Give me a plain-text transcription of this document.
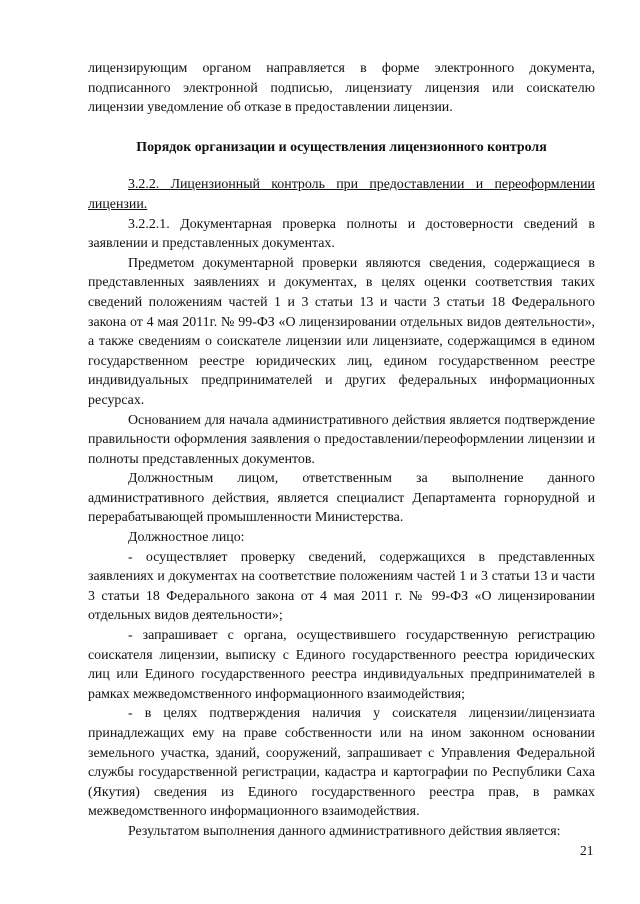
лицензирующим органом направляется в форме электронного документа, подписанного электронной подписью, лицензиату лицензия или соискателю лицензии уведомление об отказе в предоставлении лицензии.

Порядок организации и осуществления лицензионного контроля

3.2.2. Лицензионный контроль при предоставлении и переоформлении лицензии.

3.2.2.1. Документарная проверка полноты и достоверности сведений в заявлении и представленных документах.

Предметом документарной проверки являются сведения, содержащиеся в представленных заявлениях и документах, в целях оценки соответствия таких сведений положениям частей 1 и 3 статьи 13 и части 3 статьи 18 Федерального закона от 4 мая 2011г. № 99-ФЗ «О лицензировании отдельных видов деятельности», а также сведениям о соискателе лицензии или лицензиате, содержащимся в едином государственном реестре юридических лиц, едином государственном реестре индивидуальных предпринимателей и других федеральных информационных ресурсах.

Основанием для начала административного действия является подтверждение правильности оформления заявления о предоставлении/переоформлении лицензии и полноты представленных документов.

Должностным лицом, ответственным за выполнение данного административного действия, является специалист Департамента горнорудной и перерабатывающей промышленности Министерства.

Должностное лицо:

- осуществляет проверку сведений, содержащихся в представленных заявлениях и документах на соответствие положениям частей 1 и 3 статьи 13 и части 3 статьи 18 Федерального закона от 4 мая 2011 г. № 99-ФЗ «О лицензировании отдельных видов деятельности»;

- запрашивает с органа, осуществившего государственную регистрацию соискателя лицензии, выписку с Единого государственного реестра юридических лиц или Единого государственного реестра индивидуальных предпринимателей в рамках межведомственного информационного взаимодействия;

- в целях подтверждения наличия у соискателя лицензии/лицензиата принадлежащих ему на праве собственности или на ином законном основании земельного участка, зданий, сооружений, запрашивает с Управления Федеральной службы государственной регистрации, кадастра и картографии по Республики Саха (Якутия) сведения из Единого государственного реестра прав, в рамках межведомственного информационного взаимодействия.

Результатом выполнения данного административного действия является:

21
